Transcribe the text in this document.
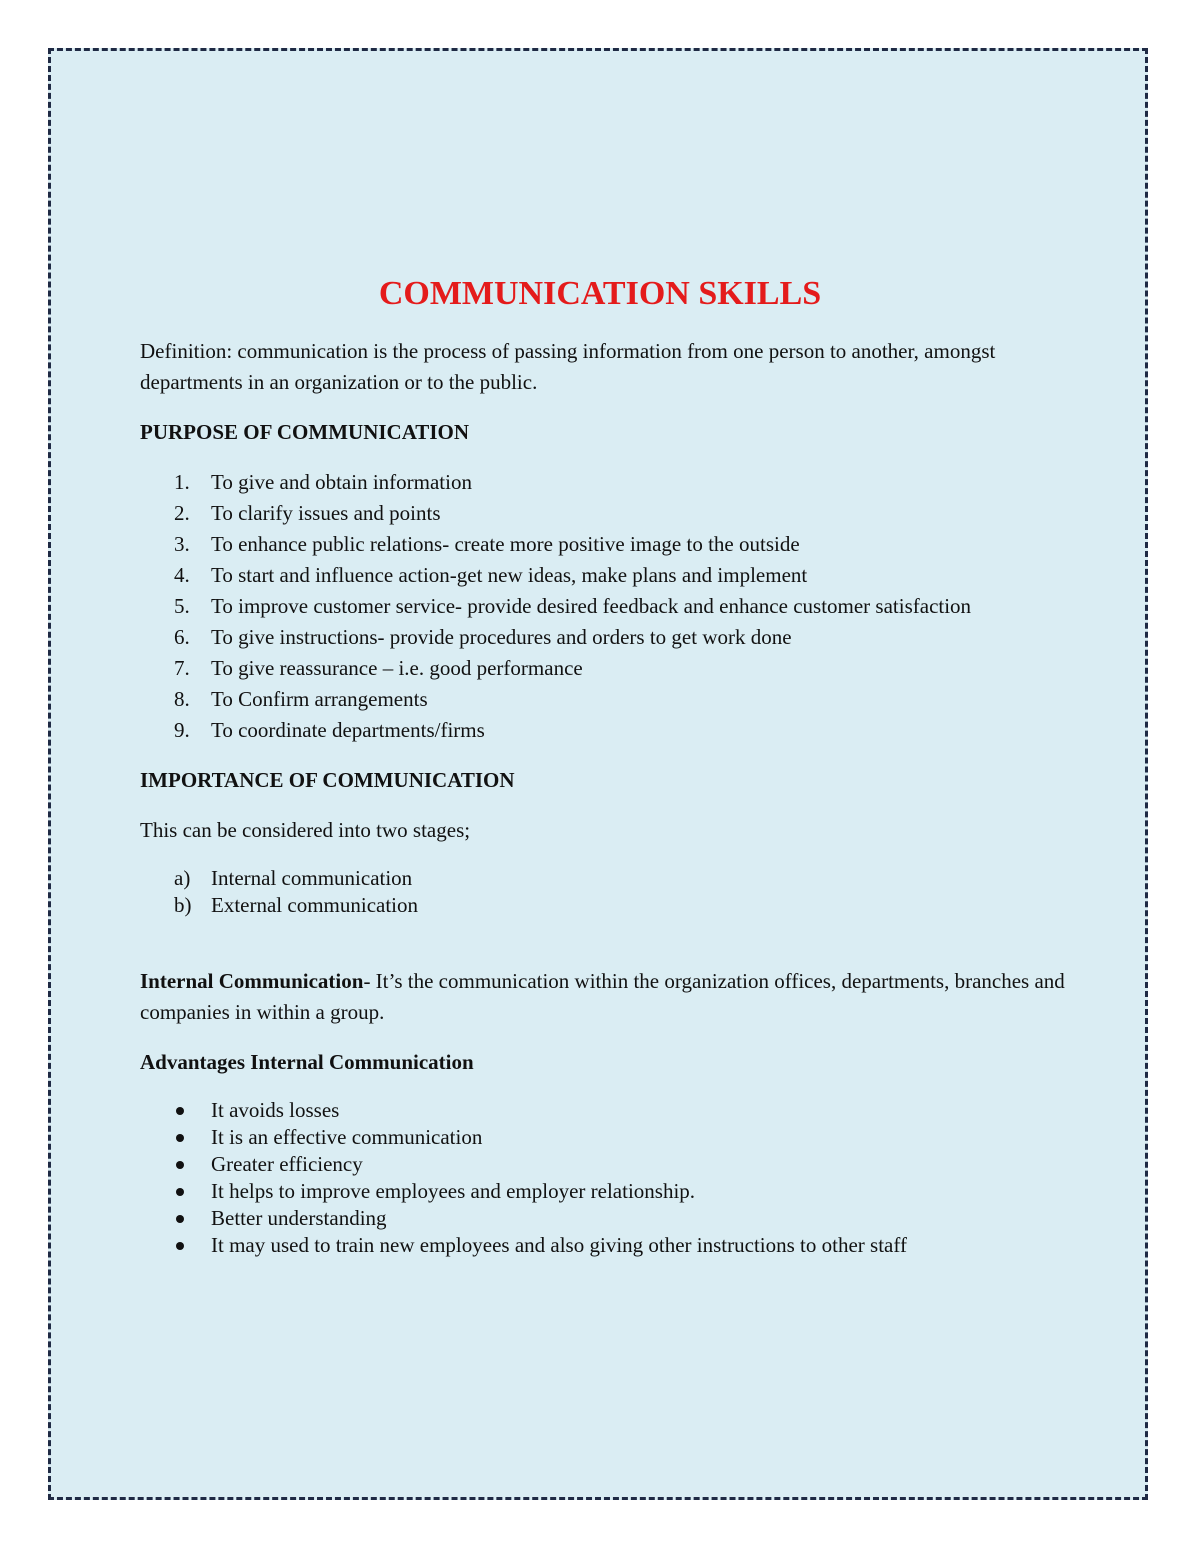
COMMUNICATION SKILLS

Definition: communication is the process of passing information from one person to another, amongst departments in an organization or to the public.

PURPOSE OF COMMUNICATION

1. To give and obtain information
2. To clarify issues and points
3. To enhance public relations- create more positive image to the outside
4. To start and influence action-get new ideas, make plans and implement
5. To improve customer service- provide desired feedback and enhance customer satisfaction
6. To give instructions- provide procedures and orders to get work done
7. To give reassurance – i.e. good performance
8. To Confirm arrangements
9. To coordinate departments/firms

IMPORTANCE OF COMMUNICATION

This can be considered into two stages;

a) Internal communication
b) External communication

Internal Communication- It’s the communication within the organization offices, departments, branches and companies in within a group.

Advantages Internal Communication

It avoids losses
It is an effective communication
Greater efficiency
It helps to improve employees and employer relationship.
Better understanding
It may used to train new employees and also giving other instructions to other staff
